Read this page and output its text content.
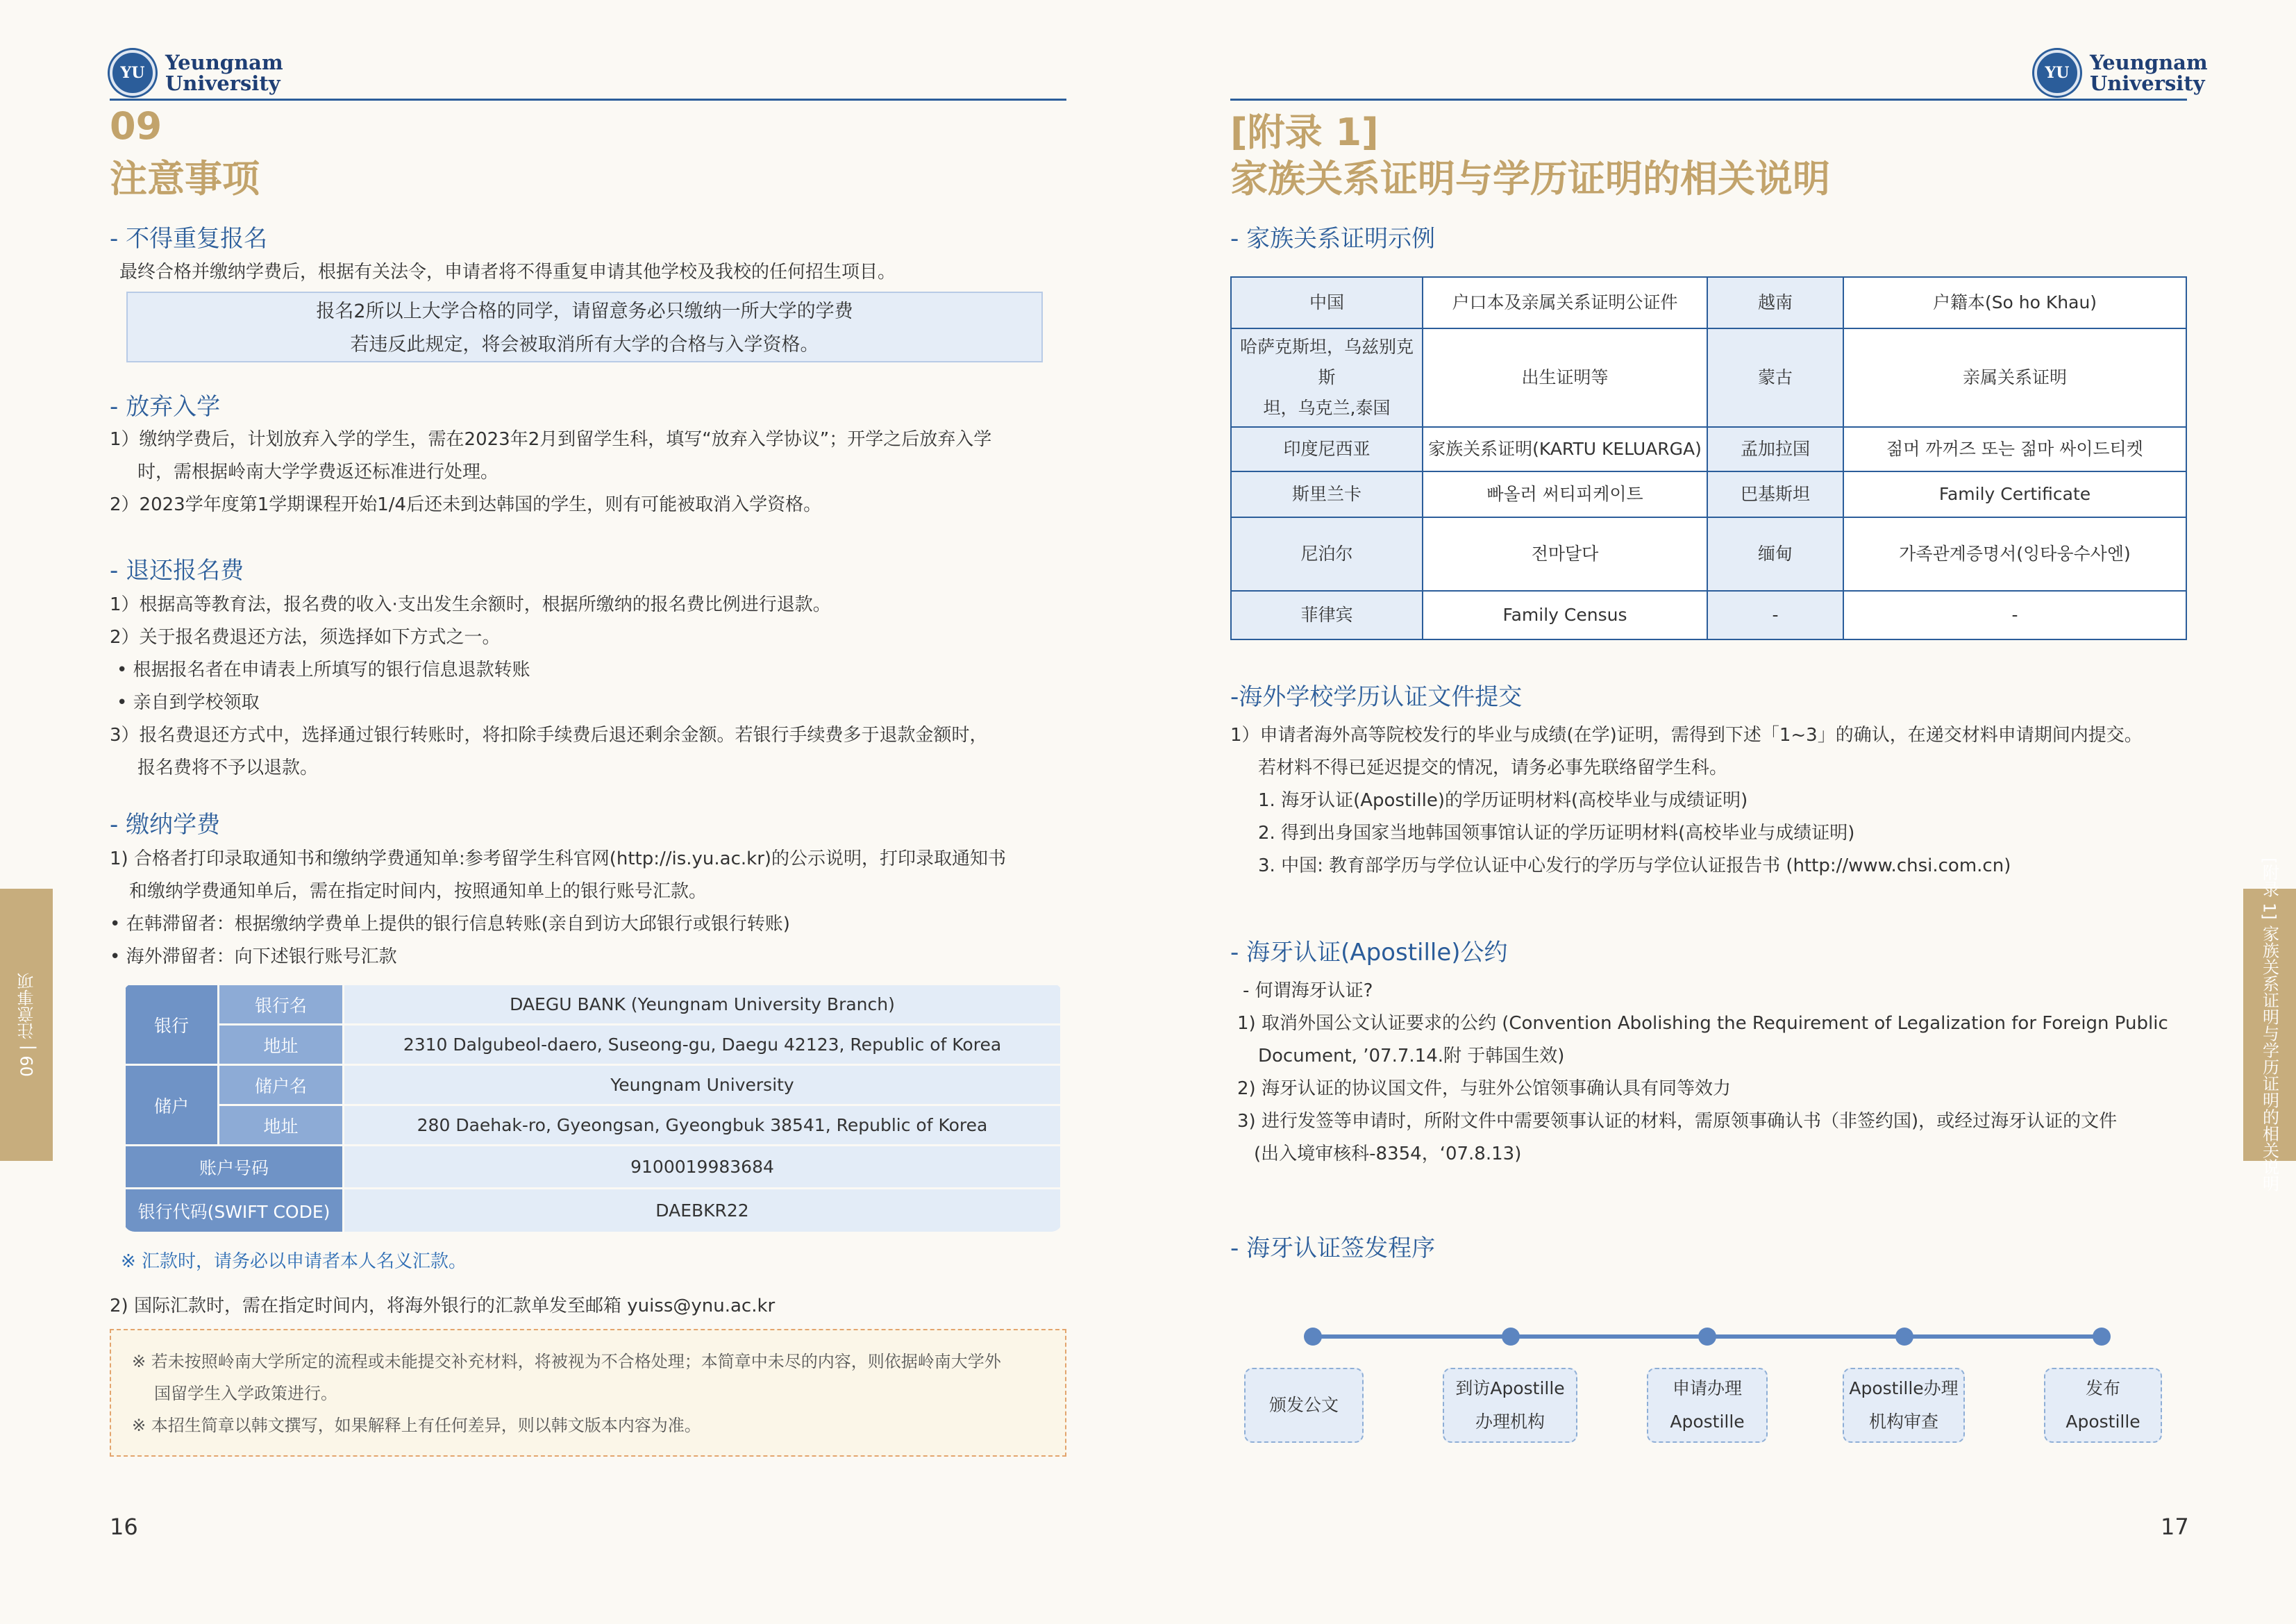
YU	Yeungnam
University
09
注意事项
- 不得重复报名
最终合格并缴纳学费后，根据有关法令，申请者将不得重复申请其他学校及我校的任何招生项目。
报名2所以上大学合格的同学，请留意务必只缴纳一所大学的学费
若违反此规定，将会被取消所有大学的合格与入学资格。
- 放弃入学
1）缴纳学费后，计划放弃入学的学生，需在2023年2月到留学生科，填写“放弃入学协议”；开学之后放弃入学
时，需根据岭南大学学费返还标准进行处理。
2）2023学年度第1学期课程开始1/4后还未到达韩国的学生，则有可能被取消入学资格。
- 退还报名费
1）根据高等教育法，报名费的收入·支出发生余额时，根据所缴纳的报名费比例进行退款。
2）关于报名费退还方法，须选择如下方式之一。
• 根据报名者在申请表上所填写的银行信息退款转账
• 亲自到学校领取
3）报名费退还方式中，选择通过银行转账时，将扣除手续费后退还剩余金额。若银行手续费多于退款金额时，
报名费将不予以退款。
- 缴纳学费
1) 合格者打印录取通知书和缴纳学费通知单:参考留学生科官网(http://is.yu.ac.kr)的公示说明，打印录取通知书
和缴纳学费通知单后，需在指定时间内，按照通知单上的银行账号汇款。
• 在韩滞留者：根据缴纳学费单上提供的银行信息转账(亲自到访大邱银行或银行转账)
• 海外滞留者：向下述银行账号汇款
银行	银行名	DAEGU BANK (Yeungnam University Branch)
	地址	2310 Dalgubeol-daero, Suseong-gu, Daegu 42123, Republic of Korea
储户	储户名	Yeungnam University
	地址	280 Daehak-ro, Gyeongsan, Gyeongbuk 38541, Republic of Korea
账户号码		9100019983684
银行代码(SWIFT CODE)		DAEBKR22
※ 汇款时，请务必以申请者本人名义汇款。
2) 国际汇款时，需在指定时间内，将海外银行的汇款单发至邮箱 yuiss@ynu.ac.kr
※ 若未按照岭南大学所定的流程或未能提交补充材料，将被视为不合格处理；本简章中未尽的内容，则依据岭南大学外
国留学生入学政策进行。
※ 本招生简章以韩文撰写，如果解释上有任何差异，则以韩文版本内容为准。
16
09 | 注意事项
YU	Yeungnam
University
[附录 1]
家族关系证明与学历证明的相关说明
- 家族关系证明示例
中国	户口本及亲属关系证明公证件	越南	户籍本(So ho Khau)
哈萨克斯坦，乌兹别克斯
坦，乌克兰,泰国	出生证明等	蒙古	亲属关系证明
印度尼西亚	家族关系证明(KARTU KELUARGA)	孟加拉国	젊머 까꺼즈 또는 젊마 싸이드티켓
斯里兰卡	빠올러 써티피케이트	巴基斯坦	Family Certificate
尼泊尔	전마달다	缅甸	가족관계증명서(잉타웅수사엔)
菲律宾	Family Census	-	-
-海外学校学历认证文件提交
1）申请者海外高等院校发行的毕业与成绩(在学)证明，需得到下述「1~3」的确认，在递交材料申请期间内提交。
若材料不得已延迟提交的情况，请务必事先联络留学生科。
1. 海牙认证(Apostille)的学历证明材料(高校毕业与成绩证明)
2. 得到出身国家当地韩国领事馆认证的学历证明材料(高校毕业与成绩证明)
3. 中国: 教育部学历与学位认证中心发行的学历与学位认证报告书 (http://www.chsi.com.cn)
- 海牙认证(Apostille)公约
- 何谓海牙认证?
1) 取消外国公文认证要求的公约 (Convention Abolishing the Requirement of Legalization for Foreign Public
Document, ’07.7.14.附 于韩国生效)
2) 海牙认证的协议国文件，与驻外公馆领事确认具有同等效力
3) 进行发签等申请时，所附文件中需要领事认证的材料，需原领事确认书（非签约国)，或经过海牙认证的文件
(出入境审核科-8354，‘07.8.13)
- 海牙认证签发程序
颁发公文
到访Apostille
办理机构
申请办理
Apostille
Apostille办理
机构审查
发布
Apostille
17
[附录 1] 家族关系证明与学历证明的相关说明
